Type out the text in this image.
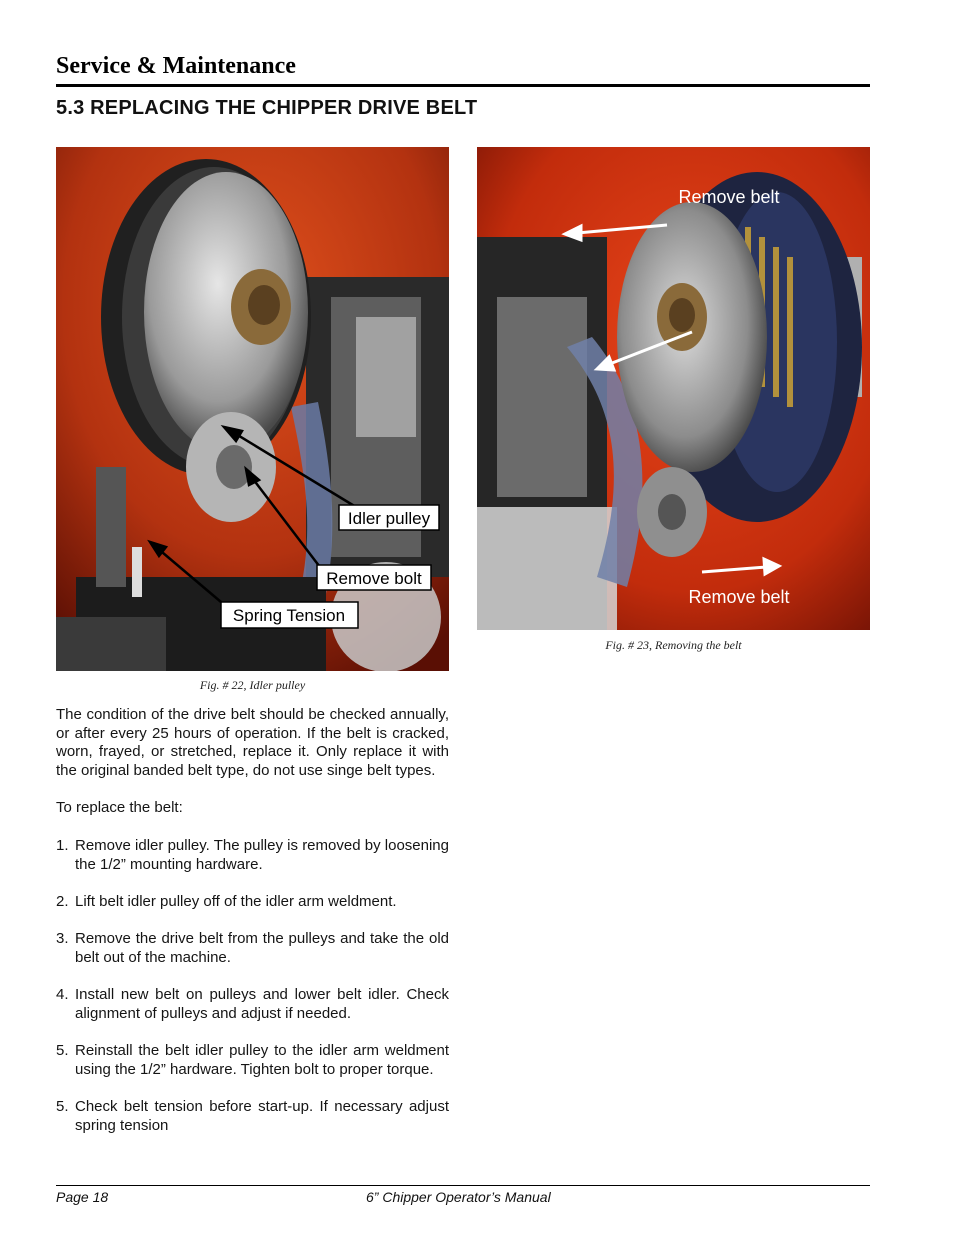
Service & Maintenance
5.3 REPLACING THE CHIPPER DRIVE BELT
Idler pulley
Remove bolt
Spring Tension
Fig. # 22, Idler pulley
Remove belt
Remove belt
Fig. # 23, Removing the belt
The condition of the drive belt should be checked annually, or after every 25 hours of operation. If the belt is cracked, worn, frayed, or stretched, replace it. Only replace it with the original banded belt type, do not use singe belt types.
To replace the belt:
1. Remove idler pulley. The pulley is removed by loosening the 1/2” mounting hardware.
2. Lift belt idler pulley off of the idler arm weldment.
3. Remove the drive belt from the pulleys and take the old belt out of the machine.
4. Install new belt on pulleys and lower belt idler. Check alignment of pulleys and adjust if needed.
5. Reinstall the belt idler pulley to the idler arm weldment using the 1/2” hardware. Tighten bolt to proper torque.
5. Check belt tension before start-up. If necessary adjust spring tension
Page 18	6” Chipper Operator’s Manual
